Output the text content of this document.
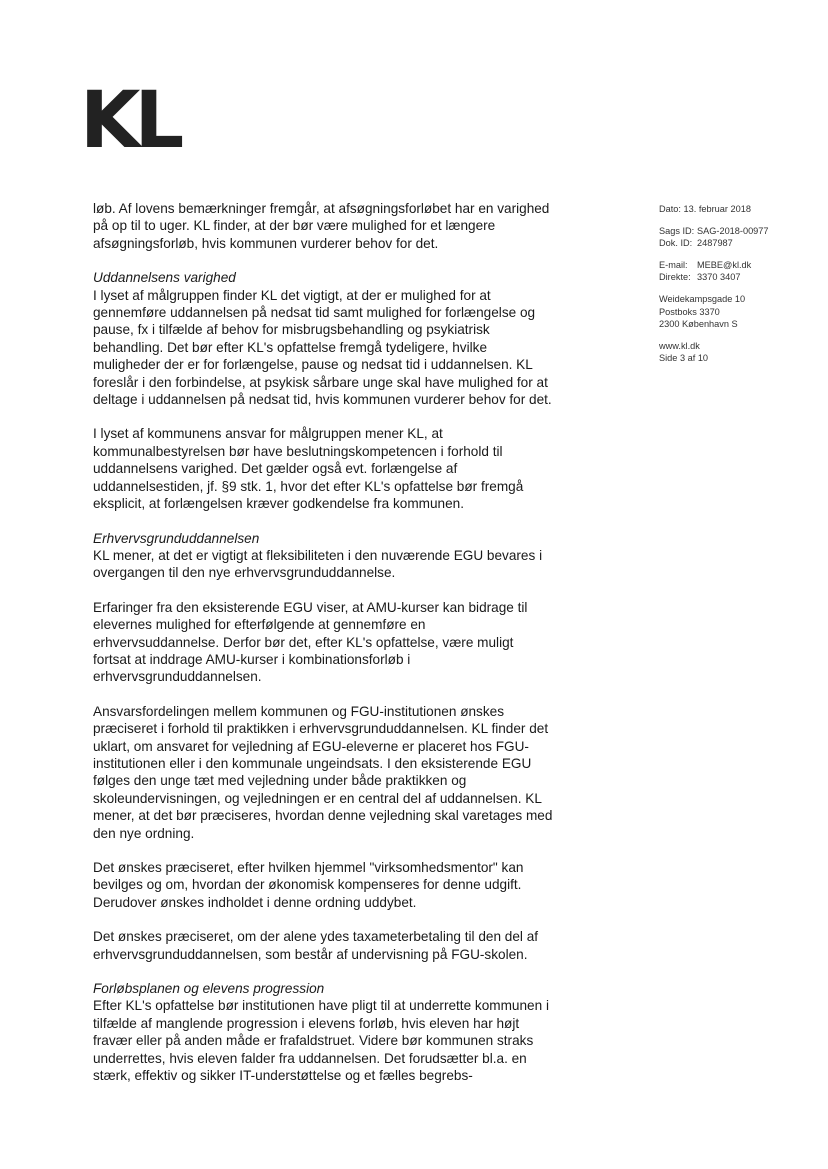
KL
Dato: 13. februar 2018
Sags ID: SAG-2018-00977
Dok. ID: 2487987
E-mail:	MEBE@kl.dk
Direkte: 3370 3407
Weidekampsgade 10
Postboks 3370
2300 København S
www.kl.dk
Side 3 af 10

løb. Af lovens bemærkninger fremgår, at afsøgningsforløbet har en varighed på op til to uger. KL finder, at der bør være mulighed for et længere afsøgningsforløb, hvis kommunen vurderer behov for det.

Uddannelsens varighed

I lyset af målgruppen finder KL det vigtigt, at der er mulighed for at gennemføre uddannelsen på nedsat tid samt mulighed for forlængelse og pause, fx i tilfælde af behov for misbrugsbehandling og psykiatrisk behandling. Det bør efter KL's opfattelse fremgå tydeligere, hvilke muligheder der er for forlængelse, pause og nedsat tid i uddannelsen. KL foreslår i den forbindelse, at psykisk sårbare unge skal have mulighed for at deltage i uddannelsen på nedsat tid, hvis kommunen vurderer behov for det.

I lyset af kommunens ansvar for målgruppen mener KL, at kommunalbestyrelsen bør have beslutningskompetencen i forhold til uddannelsens varighed. Det gælder også evt. forlængelse af uddannelsestiden, jf. §9 stk. 1, hvor det efter KL's opfattelse bør fremgå eksplicit, at forlængelsen kræver godkendelse fra kommunen.

Erhvervsgrunduddannelsen

KL mener, at det er vigtigt at fleksibiliteten i den nuværende EGU bevares i overgangen til den nye erhvervsgrunduddannelse.

Erfaringer fra den eksisterende EGU viser, at AMU-kurser kan bidrage til elevernes mulighed for efterfølgende at gennemføre en erhvervsuddannelse. Derfor bør det, efter KL's opfattelse, være muligt fortsat at inddrage AMU-kurser i kombinationsforløb i erhvervsgrunduddannelsen.

Ansvarsfordelingen mellem kommunen og FGU-institutionen ønskes præciseret i forhold til praktikken i erhvervsgrunduddannelsen. KL finder det uklart, om ansvaret for vejledning af EGU-eleverne er placeret hos FGU-institutionen eller i den kommunale ungeindsats. I den eksisterende EGU følges den unge tæt med vejledning under både praktikken og skoleundervisningen, og vejledningen er en central del af uddannelsen. KL mener, at det bør præciseres, hvordan denne vejledning skal varetages med den nye ordning.

Det ønskes præciseret, efter hvilken hjemmel "virksomhedsmentor" kan bevilges og om, hvordan der økonomisk kompenseres for denne udgift. Derudover ønskes indholdet i denne ordning uddybet.

Det ønskes præciseret, om der alene ydes taxameterbetaling til den del af erhvervsgrunduddannelsen, som består af undervisning på FGU-skolen.

Forløbsplanen og elevens progression

Efter KL's opfattelse bør institutionen have pligt til at underrette kommunen i tilfælde af manglende progression i elevens forløb, hvis eleven har højt fravær eller på anden måde er frafaldstruet. Videre bør kommunen straks underrettes, hvis eleven falder fra uddannelsen. Det forudsætter bl.a. en stærk, effektiv og sikker IT-understøttelse og et fælles begrebs-
